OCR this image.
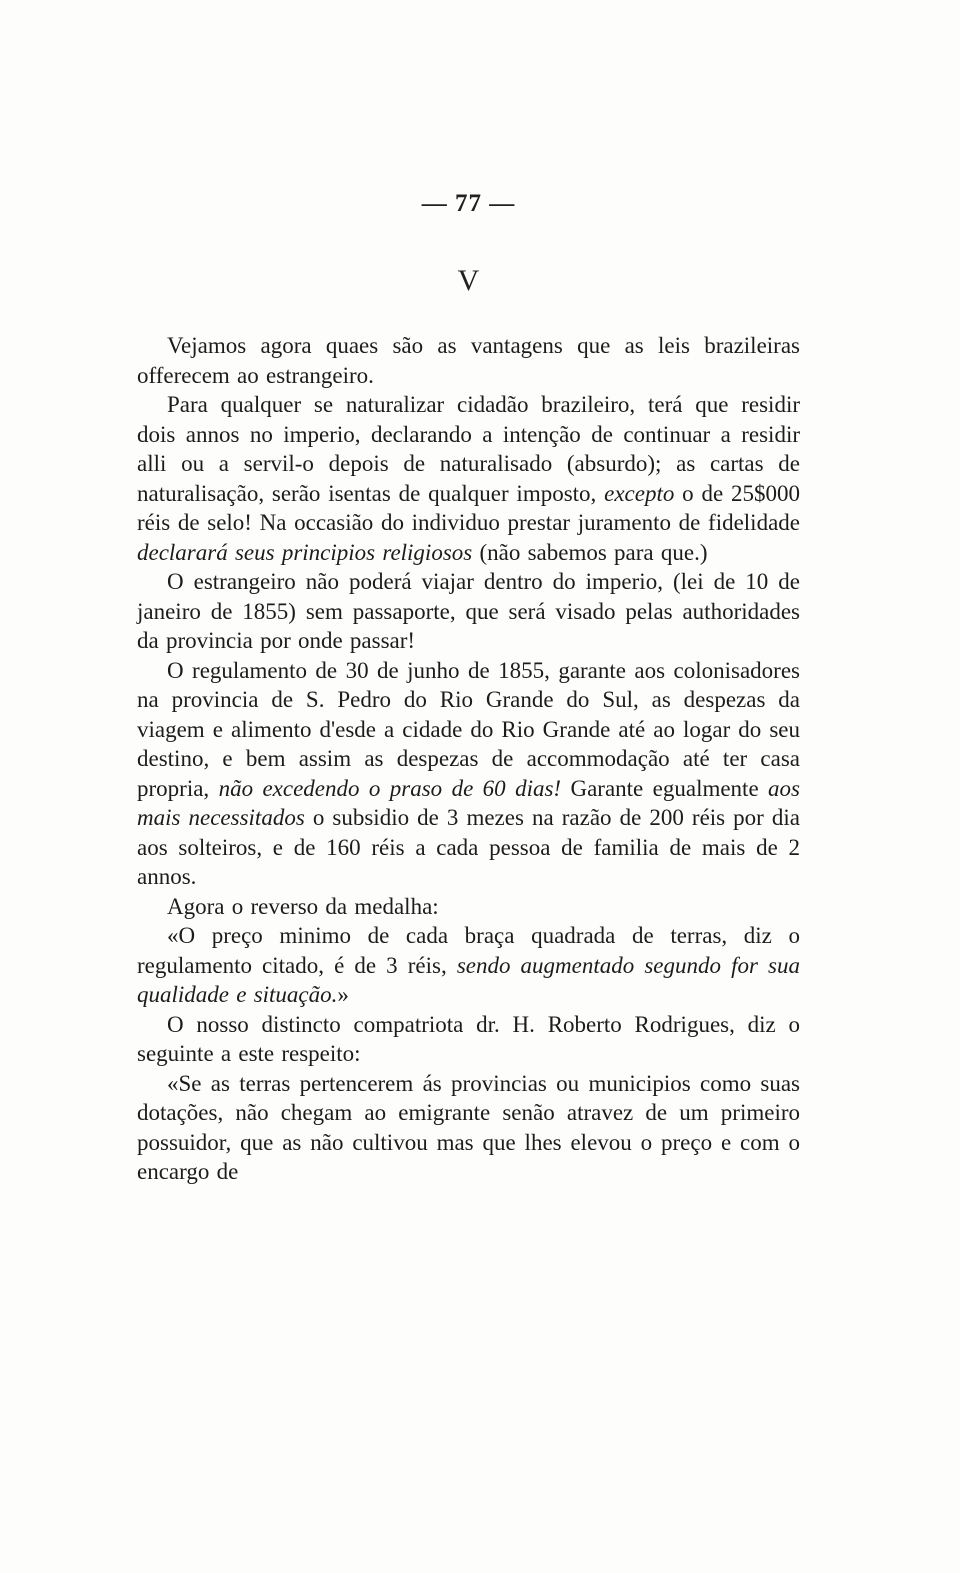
— 77 —
V

Vejamos agora quaes são as vantagens que as leis brazileiras offerecem ao estrangeiro.

Para qualquer se naturalizar cidadão brazileiro, terá que residir dois annos no imperio, declarando a intenção de continuar a residir alli ou a servil-o depois de naturalisado (absurdo); as cartas de naturalisação, serão isentas de qualquer imposto, excepto o de 25$000 réis de selo! Na occasião do individuo prestar juramento de fidelidade declarará seus principios religiosos (não sabemos para que.)

O estrangeiro não poderá viajar dentro do imperio, (lei de 10 de janeiro de 1855) sem passaporte, que será visado pelas authoridades da provincia por onde passar!

O regulamento de 30 de junho de 1855, garante aos colonisadores na provincia de S. Pedro do Rio Grande do Sul, as despezas da viagem e alimento d'esde a cidade do Rio Grande até ao logar do seu destino, e bem assim as despezas de accommodação até ter casa propria, não excedendo o praso de 60 dias! Garante egualmente aos mais necessitados o subsidio de 3 mezes na razão de 200 réis por dia aos solteiros, e de 160 réis a cada pessoa de familia de mais de 2 annos.

Agora o reverso da medalha:

«O preço minimo de cada braça quadrada de terras, diz o regulamento citado, é de 3 réis, sendo augmentado segundo for sua qualidade e situação.»

O nosso distincto compatriota dr. H. Roberto Rodrigues, diz o seguinte a este respeito:

«Se as terras pertencerem ás provincias ou municipios como suas dotações, não chegam ao emigrante senão atravez de um primeiro possuidor, que as não cultivou mas que lhes elevou o preço e com o encargo de
